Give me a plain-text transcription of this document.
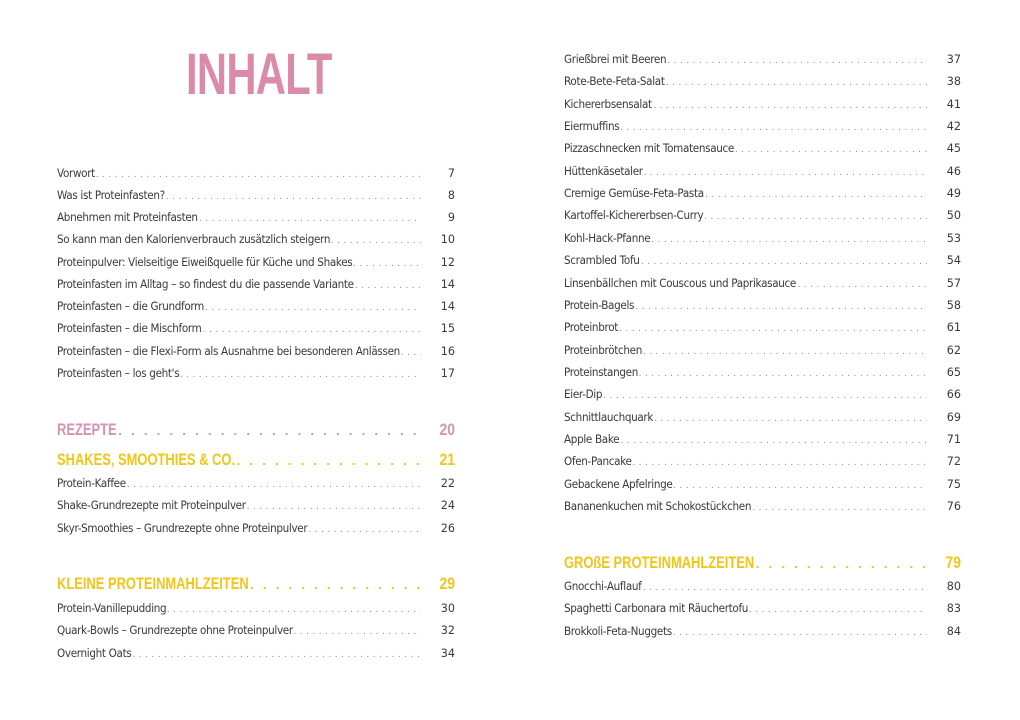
INHALT
Vorwort . . .	7
Was ist Proteinfasten? . . .	8
Abnehmen mit Proteinfasten . . .	9
So kann man den Kalorienverbrauch zusätzlich steigern . . .	10
Proteinpulver: Vielseitige Eiweißquelle für Küche und Shakes . . .	12
Proteinfasten im Alltag – so findest du die passende Variante . . .	14
Proteinfasten – die Grundform . . .	14
Proteinfasten – die Mischform . . .	15
Proteinfasten – die Flexi-Form als Ausnahme bei besonderen Anlässen . . .	16
Proteinfasten – los geht's . . .	17
REZEPTE . . .	20
SHAKES, SMOOTHIES & CO. . . .	21
Protein-Kaffee . . .	22
Shake-Grundrezepte mit Proteinpulver . . .	24
Skyr-Smoothies – Grundrezepte ohne Proteinpulver . . .	26
KLEINE PROTEINMAHLZEITEN . . .	29
Protein-Vanillepudding . . .	30
Quark-Bowls – Grundrezepte ohne Proteinpulver . . .	32
Overnight Oats . . .	34
Grießbrei mit Beeren . . .	37
Rote-Bete-Feta-Salat . . .	38
Kichererbsensalat . . .	41
Eiermuffins . . .	42
Pizzaschnecken mit Tomatensauce . . .	45
Hüttenkäsetaler . . .	46
Cremige Gemüse-Feta-Pasta . . .	49
Kartoffel-Kichererbsen-Curry . . .	50
Kohl-Hack-Pfanne . . .	53
Scrambled Tofu . . .	54
Linsenbällchen mit Couscous und Paprikasauce . . .	57
Protein-Bagels . . .	58
Proteinbrot . . .	61
Proteinbrötchen . . .	62
Proteinstangen . . .	65
Eier-Dip . . .	66
Schnittlauchquark . . .	69
Apple Bake . . .	71
Ofen-Pancake . . .	72
Gebackene Apfelringe . . .	75
Bananenkuchen mit Schokostückchen . . .	76
GROßE PROTEINMAHLZEITEN . . .	79
Gnocchi-Auflauf . . .	80
Spaghetti Carbonara mit Räuchertofu . . .	83
Brokkoli-Feta-Nuggets . . .	84
